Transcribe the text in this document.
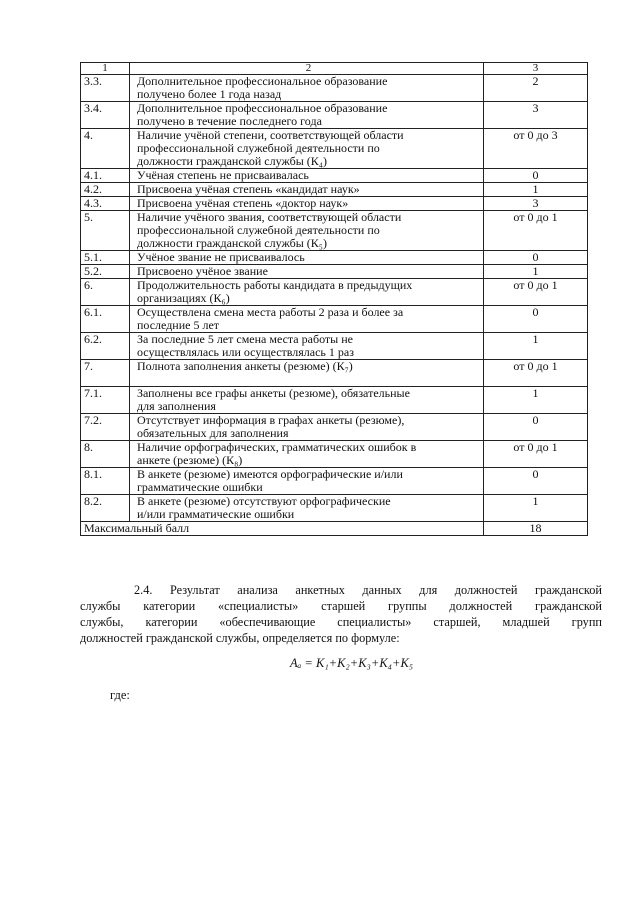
1	2	3
3.3.	Дополнительное профессиональное образование
получено более 1 года назад	2
3.4.	Дополнительное профессиональное образование
получено в течение последнего года	3
4.	Наличие учёной степени, соответствующей области
профессиональной служебной деятельности по
должности гражданской службы (К₄)	от 0 до 3
4.1.	Учёная степень не присваивалась	0
4.2.	Присвоена учёная степень «кандидат наук»	1
4.3.	Присвоена учёная степень «доктор наук»	3
5.	Наличие учёного звания, соответствующей области
профессиональной служебной деятельности по
должности гражданской службы (К₅)	от 0 до 1
5.1.	Учёное звание не присваивалось	0
5.2.	Присвоено учёное звание	1
6.	Продолжительность работы кандидата в предыдущих
организациях (К₆)	от 0 до 1
6.1.	Осуществлена смена места работы 2 раза и более за
последние 5 лет	0
6.2.	За последние 5 лет смена места работы не
осуществлялась или осуществлялась 1 раз	1
7.	Полнота заполнения анкеты (резюме) (К₇)	от 0 до 1
7.1.	Заполнены все графы анкеты (резюме), обязательные
для заполнения	1
7.2.	Отсутствует информация в графах анкеты (резюме),
обязательных для заполнения	0
8.	Наличие орфографических, грамматических ошибок в
анкете (резюме) (К₈)	от 0 до 1
8.1.	В анкете (резюме) имеются орфографические и/или
грамматические ошибки	0
8.2.	В анкете (резюме) отсутствуют орфографические
и/или грамматические ошибки	1
Максимальный балл		18
2.4. Результат анализа анкетных данных для должностей гражданской
службы категории «специалисты» старшей группы должностей гражданской
службы, категории «обеспечивающие специалисты» старшей, младшей групп
должностей гражданской службы, определяется по формуле:
Aₐ = K₁+K₂+K₃+K₄+K₅
где:
